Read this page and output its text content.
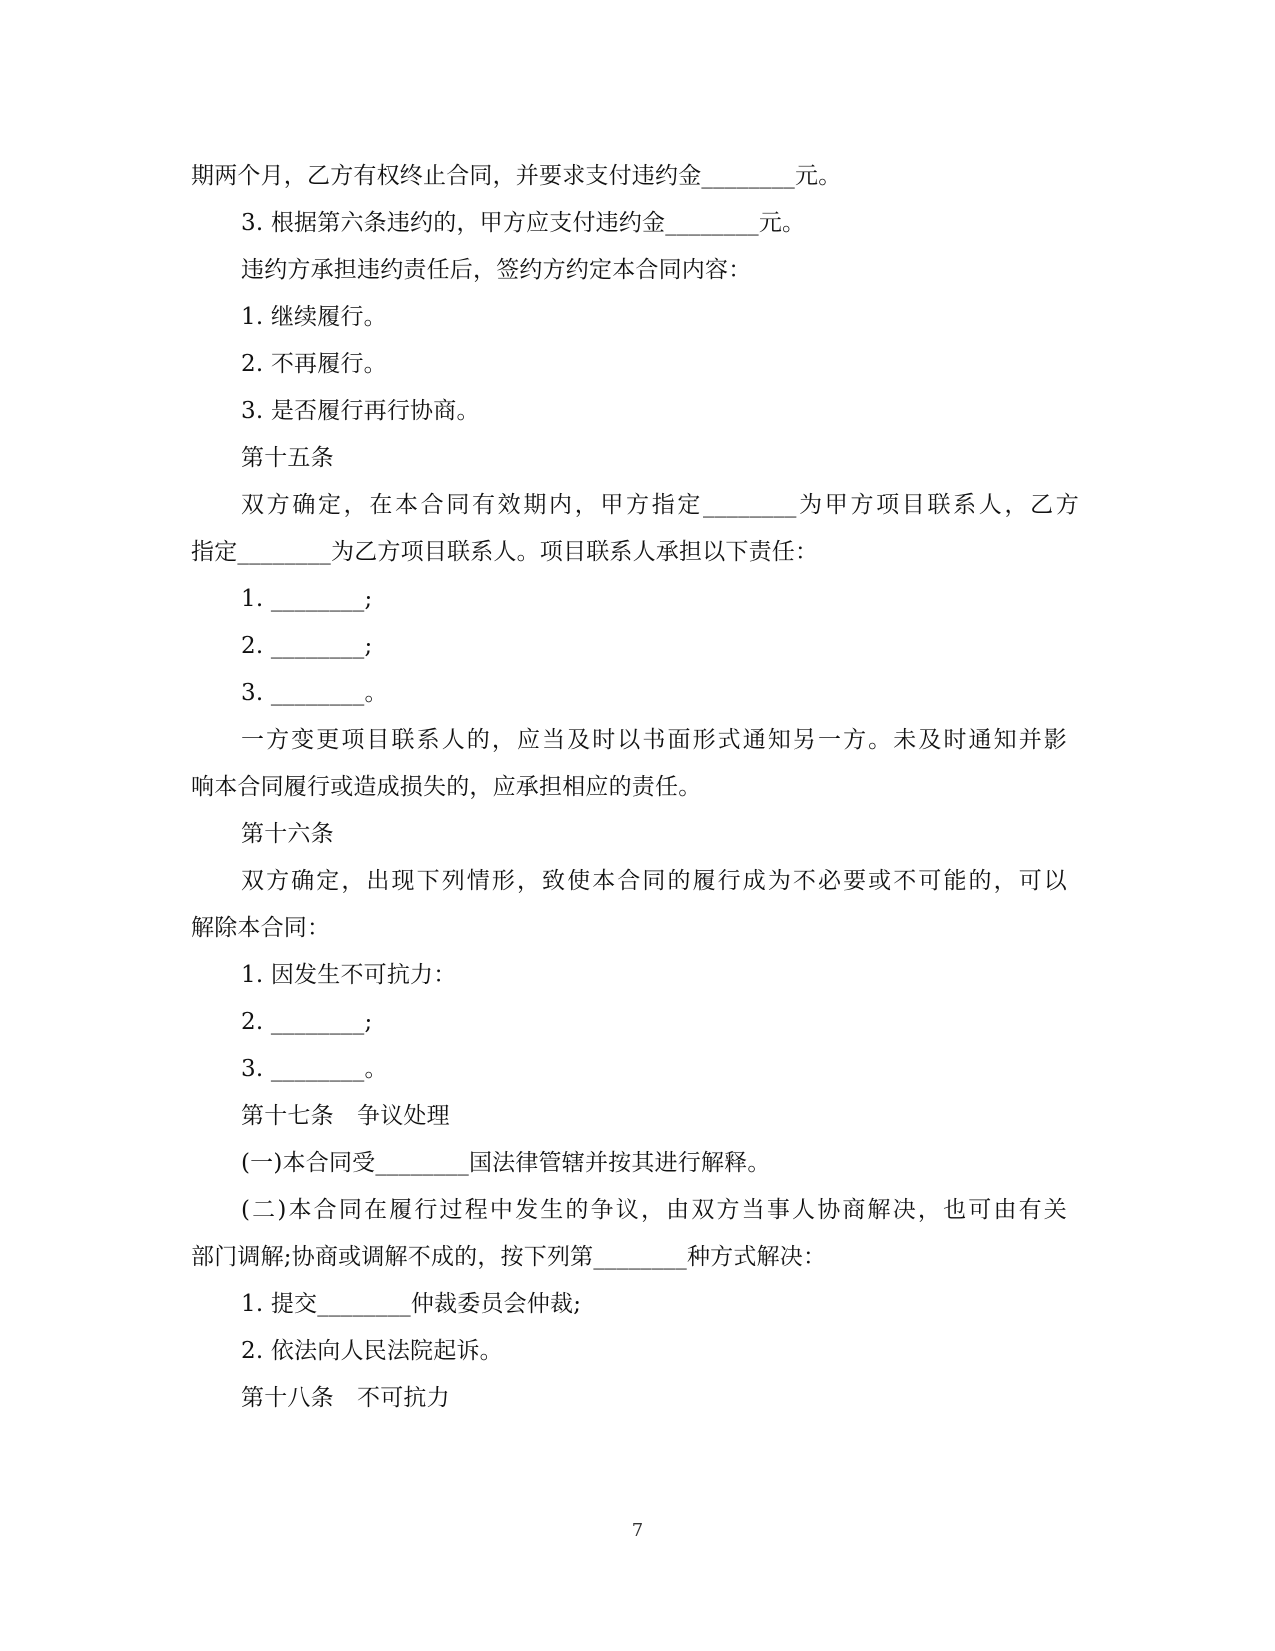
期两个月，乙方有权终止合同，并要求支付违约金________元。
3. 根据第六条违约的，甲方应支付违约金________元。
违约方承担违约责任后，签约方约定本合同内容：
1. 继续履行。
2. 不再履行。
3. 是否履行再行协商。
第十五条
双方确定，在本合同有效期内，甲方指定________为甲方项目联系人，乙方
指定________为乙方项目联系人。项目联系人承担以下责任：
1. ________;
2. ________;
3. ________。
一方变更项目联系人的，应当及时以书面形式通知另一方。未及时通知并影
响本合同履行或造成损失的，应承担相应的责任。
第十六条
双方确定，出现下列情形，致使本合同的履行成为不必要或不可能的，可以
解除本合同：
1. 因发生不可抗力：
2. ________;
3. ________。
第十七条　争议处理
(一)本合同受________国法律管辖并按其进行解释。
(二)本合同在履行过程中发生的争议，由双方当事人协商解决，也可由有关
部门调解;协商或调解不成的，按下列第________种方式解决：
1. 提交________仲裁委员会仲裁;
2. 依法向人民法院起诉。
第十八条　不可抗力
7
